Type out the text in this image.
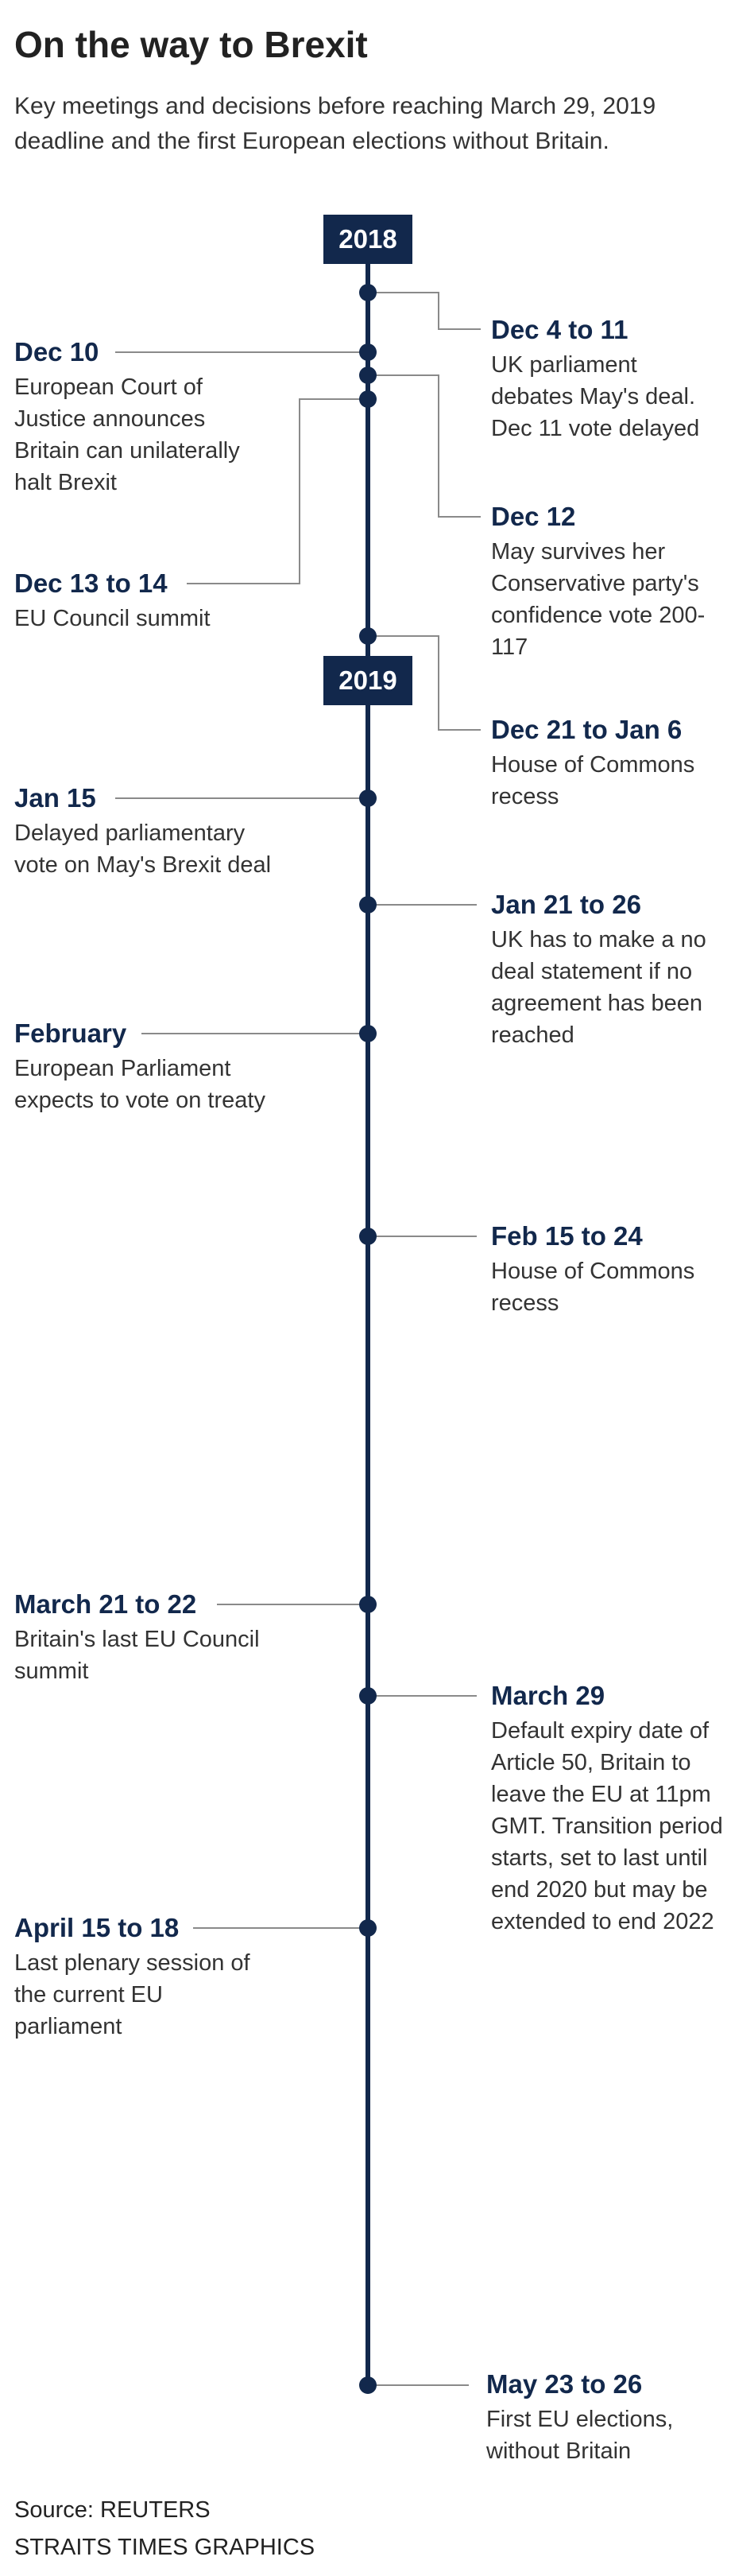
On the way to Brexit
Key meetings and decisions before reaching March 29, 2019 deadline and the first European elections without Britain.
2018
2019
Dec 4 to 11
UK parliament debates May's deal. Dec 11 vote delayed
Dec 10
European Court of Justice announces Britain can unilaterally halt Brexit
Dec 12
May survives her Conservative party's confidence vote 200-117
Dec 13 to 14
EU Council summit
Dec 21 to Jan 6
House of Commons recess
Jan 15
Delayed parliamentary vote on May's Brexit deal
Jan 21 to 26
UK has to make a no deal statement if no agreement has been reached
February
European Parliament expects to vote on treaty
Feb 15 to 24
House of Commons recess
March 21 to 22
Britain's last EU Council summit
March 29
Default expiry date of Article 50, Britain to leave the EU at 11pm GMT. Transition period starts, set to last until end 2020 but may be extended to end 2022
April 15 to 18
Last plenary session of the current EU parliament
May 23 to 26
First EU elections, without Britain
Source: REUTERS
STRAITS TIMES GRAPHICS
